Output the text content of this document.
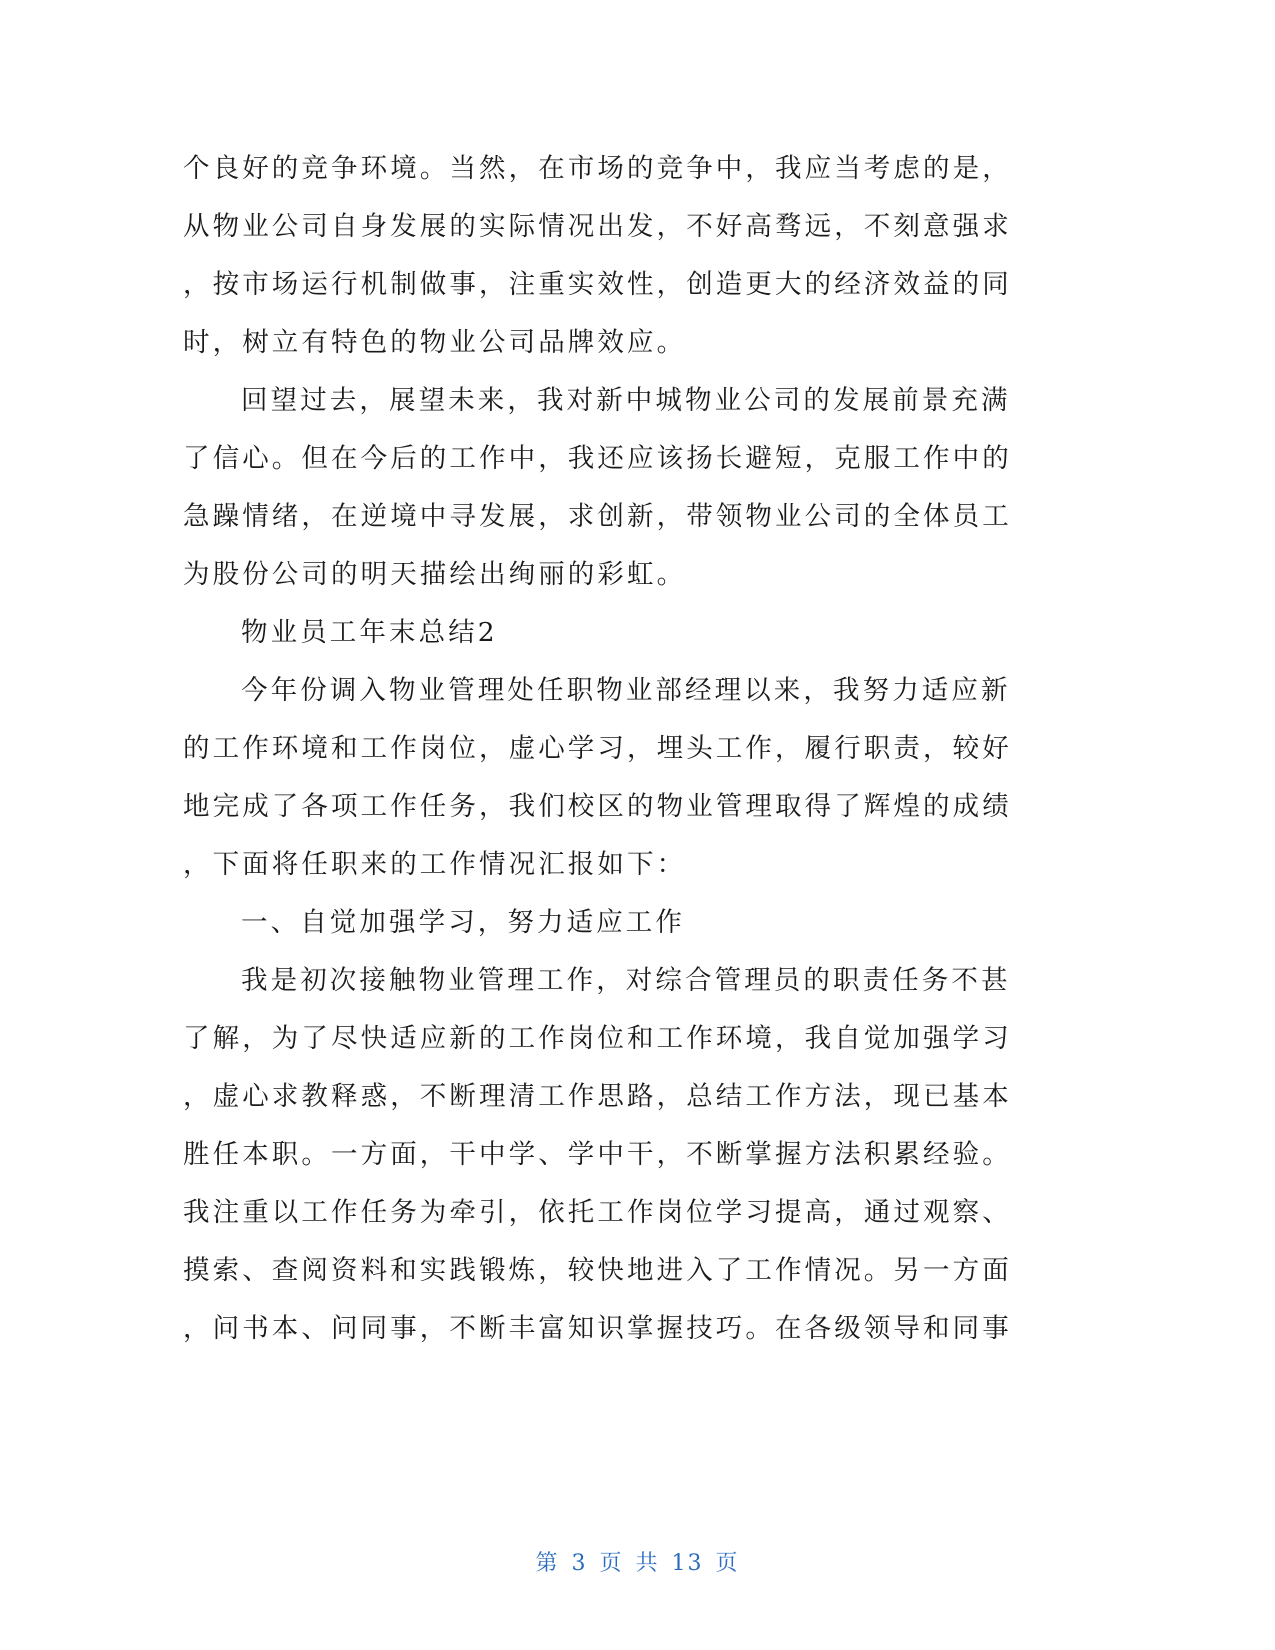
个良好的竞争环境。当然，在市场的竞争中，我应当考虑的是，
从物业公司自身发展的实际情况出发，不好高骛远，不刻意强求
，按市场运行机制做事，注重实效性，创造更大的经济效益的同
时，树立有特色的物业公司品牌效应。
回望过去，展望未来，我对新中城物业公司的发展前景充满
了信心。但在今后的工作中，我还应该扬长避短，克服工作中的
急躁情绪，在逆境中寻发展，求创新，带领物业公司的全体员工
为股份公司的明天描绘出绚丽的彩虹。
物业员工年末总结2
今年份调入物业管理处任职物业部经理以来，我努力适应新
的工作环境和工作岗位，虚心学习，埋头工作，履行职责，较好
地完成了各项工作任务，我们校区的物业管理取得了辉煌的成绩
，下面将任职来的工作情况汇报如下：
一、自觉加强学习，努力适应工作
我是初次接触物业管理工作，对综合管理员的职责任务不甚
了解，为了尽快适应新的工作岗位和工作环境，我自觉加强学习
，虚心求教释惑，不断理清工作思路，总结工作方法，现已基本
胜任本职。一方面，干中学、学中干，不断掌握方法积累经验。
我注重以工作任务为牵引，依托工作岗位学习提高，通过观察、
摸索、查阅资料和实践锻炼，较快地进入了工作情况。另一方面
，问书本、问同事，不断丰富知识掌握技巧。在各级领导和同事
第 3 页 共 13 页
